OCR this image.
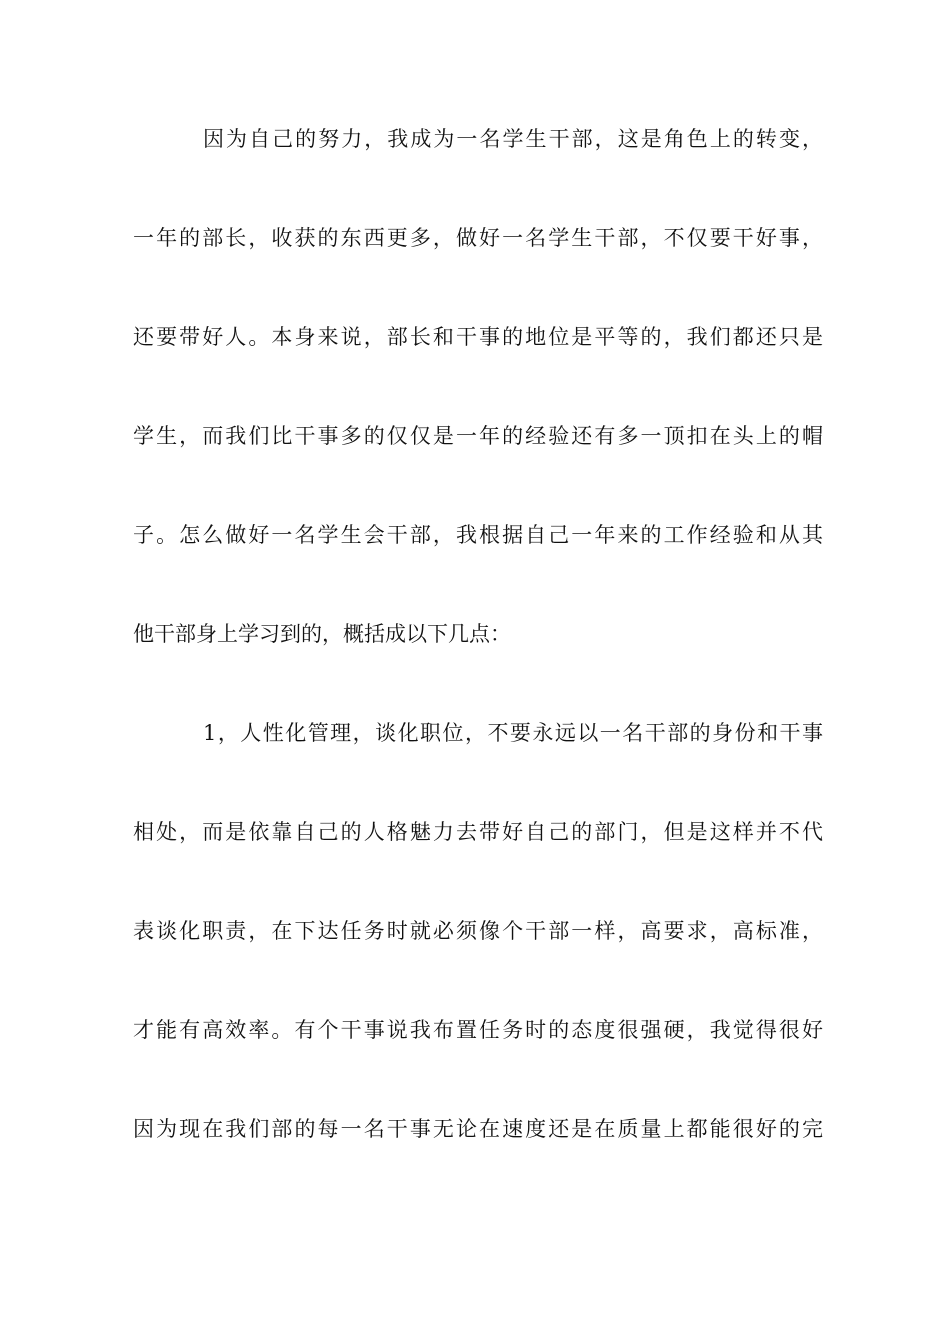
因为自己的努力，我成为一名学生干部，这是角色上的转变，
一年的部长，收获的东西更多，做好一名学生干部，不仅要干好事，
还要带好人。本身来说，部长和干事的地位是平等的，我们都还只是
学生，而我们比干事多的仅仅是一年的经验还有多一顶扣在头上的帽
子。怎么做好一名学生会干部，我根据自己一年来的工作经验和从其
他干部身上学习到的，概括成以下几点：
1，人性化管理，谈化职位，不要永远以一名干部的身份和干事
相处，而是依靠自己的人格魅力去带好自己的部门，但是这样并不代
表谈化职责，在下达任务时就必须像个干部一样，高要求，高标准，
才能有高效率。有个干事说我布置任务时的态度很强硬，我觉得很好
因为现在我们部的每一名干事无论在速度还是在质量上都能很好的完
